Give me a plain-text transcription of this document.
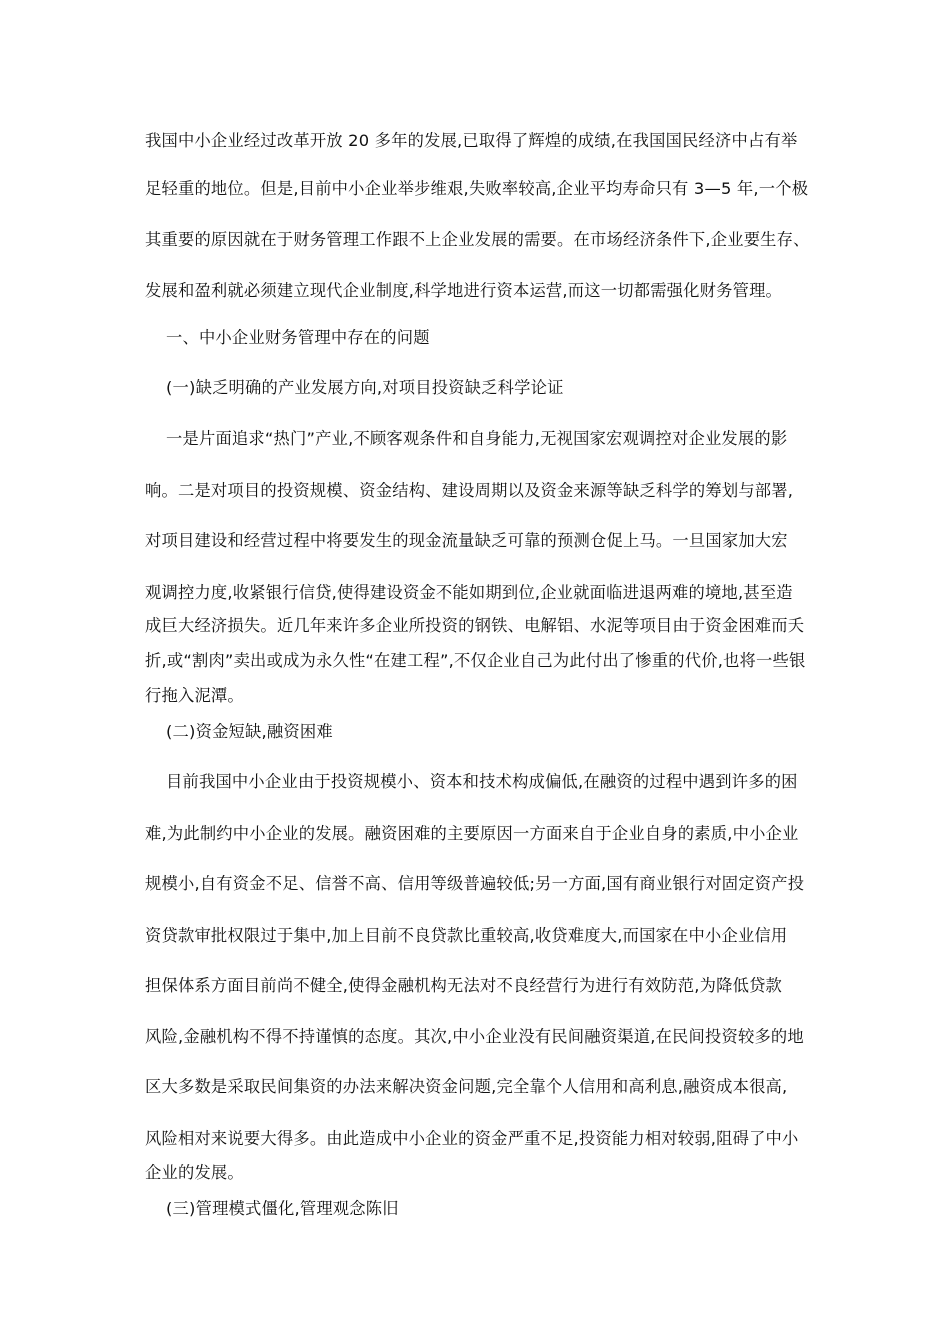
我国中小企业经过改革开放 20 多年的发展,已取得了辉煌的成绩,在我国国民经济中占有举
足轻重的地位。但是,目前中小企业举步维艰,失败率较高,企业平均寿命只有 3—5 年,一个极
其重要的原因就在于财务管理工作跟不上企业发展的需要。在市场经济条件下,企业要生存、
发展和盈利就必须建立现代企业制度,科学地进行资本运营,而这一切都需强化财务管理。
一、中小企业财务管理中存在的问题
(一)缺乏明确的产业发展方向,对项目投资缺乏科学论证
一是片面追求“热门”产业,不顾客观条件和自身能力,无视国家宏观调控对企业发展的影
响。二是对项目的投资规模、资金结构、建设周期以及资金来源等缺乏科学的筹划与部署,
对项目建设和经营过程中将要发生的现金流量缺乏可靠的预测仓促上马。一旦国家加大宏
观调控力度,收紧银行信贷,使得建设资金不能如期到位,企业就面临进退两难的境地,甚至造
成巨大经济损失。近几年来许多企业所投资的钢铁、电解铝、水泥等项目由于资金困难而夭
折,或“割肉”卖出或成为永久性“在建工程”,不仅企业自己为此付出了惨重的代价,也将一些银
行拖入泥潭。
(二)资金短缺,融资困难
目前我国中小企业由于投资规模小、资本和技术构成偏低,在融资的过程中遇到许多的困
难,为此制约中小企业的发展。融资困难的主要原因一方面来自于企业自身的素质,中小企业
规模小,自有资金不足、信誉不高、信用等级普遍较低;另一方面,国有商业银行对固定资产投
资贷款审批权限过于集中,加上目前不良贷款比重较高,收贷难度大,而国家在中小企业信用
担保体系方面目前尚不健全,使得金融机构无法对不良经营行为进行有效防范,为降低贷款
风险,金融机构不得不持谨慎的态度。其次,中小企业没有民间融资渠道,在民间投资较多的地
区大多数是采取民间集资的办法来解决资金问题,完全靠个人信用和高利息,融资成本很高,
风险相对来说要大得多。由此造成中小企业的资金严重不足,投资能力相对较弱,阻碍了中小
企业的发展。
(三)管理模式僵化,管理观念陈旧
